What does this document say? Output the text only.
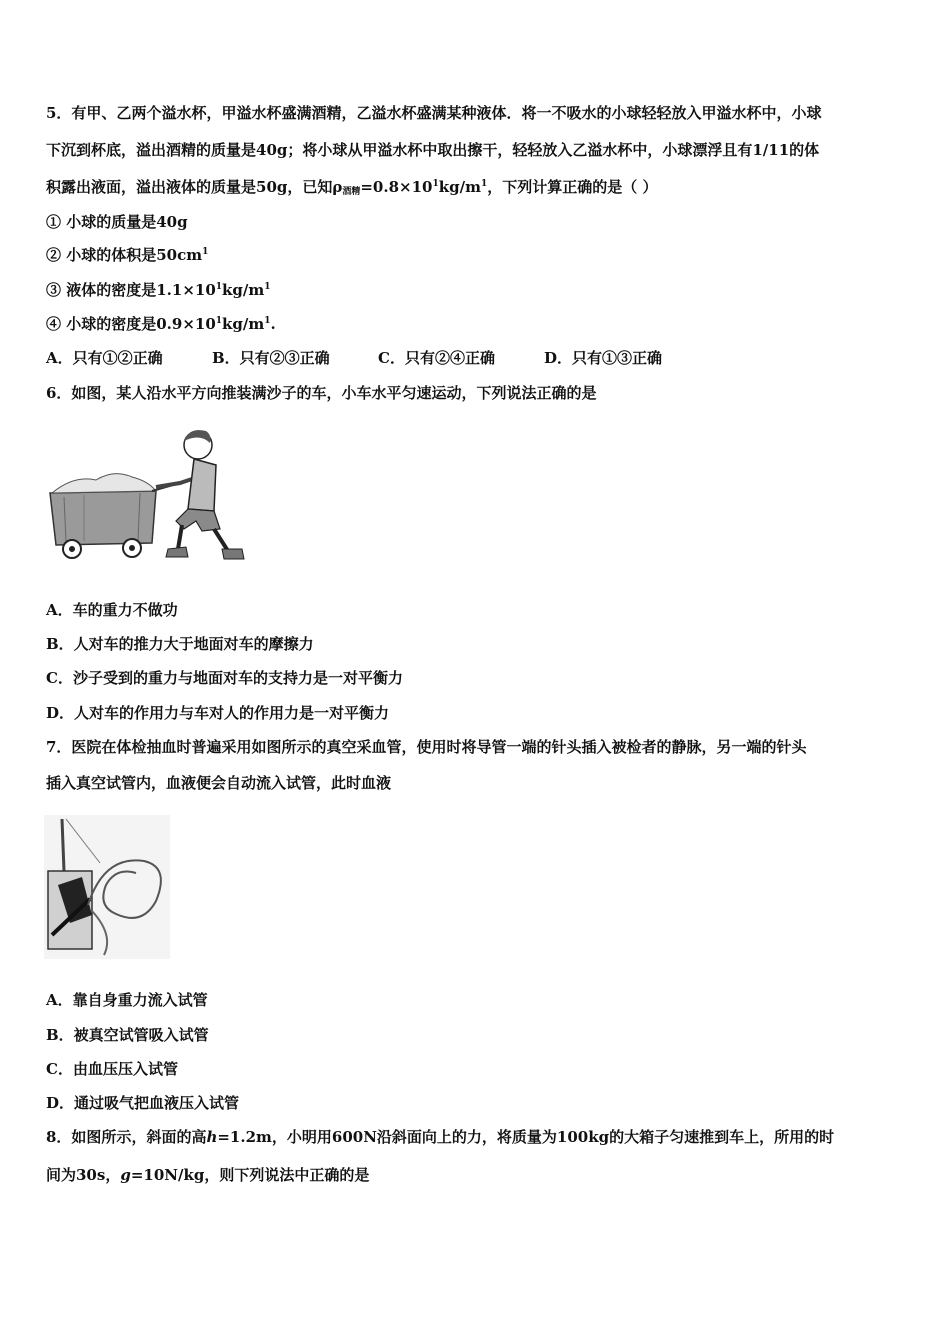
5．有甲、乙两个溢水杯，甲溢水杯盛满酒精，乙溢水杯盛满某种液体．将一不吸水的小球轻轻放入甲溢水杯中，小球
下沉到杯底，溢出酒精的质量是40g；将小球从甲溢水杯中取出擦干，轻轻放入乙溢水杯中，小球漂浮且有1/11的体
积露出液面，溢出液体的质量是50g，已知$\rho_{酒精}=0.8\times 10^1kg/m^1$，下列计算正确的是（ ）
① 小球的质量是40g
② 小球的体积是$50cm^1$
③ 液体的密度是$1.1\times 10^1kg/m^1$
④ 小球的密度是$0.9\times 10^1kg/m^1$.
A．只有①②正确	B．只有②③正确	C．只有②④正确	D．只有①③正确
6．如图，某人沿水平方向推装满沙子的车，小车水平匀速运动，下列说法正确的是
A．车的重力不做功
B．人对车的推力大于地面对车的摩擦力
C．沙子受到的重力与地面对车的支持力是一对平衡力
D．人对车的作用力与车对人的作用力是一对平衡力
7．医院在体检抽血时普遍采用如图所示的真空采血管，使用时将导管一端的针头插入被检者的静脉，另一端的针头
插入真空试管内，血液便会自动流入试管，此时血液
A．靠自身重力流入试管
B．被真空试管吸入试管
C．由血压压入试管
D．通过吸气把血液压入试管
8．如图所示，斜面的高h=1.2m，小明用600N沿斜面向上的力，将质量为100kg的大箱子匀速推到车上，所用的时
间为30s，g=10N/kg，则下列说法中正确的是
